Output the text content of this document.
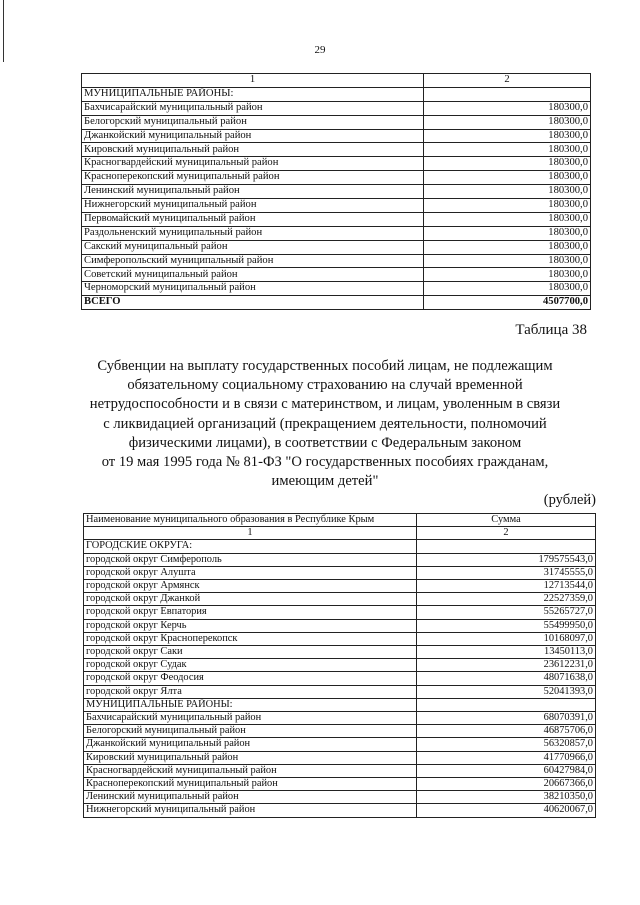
29
1	2
МУНИЦИПАЛЬНЫЕ РАЙОНЫ:	
Бахчисарайский муниципальный район	180300,0
Белогорский муниципальный район	180300,0
Джанкойский муниципальный район	180300,0
Кировский муниципальный район	180300,0
Красногвардейский муниципальный район	180300,0
Красноперекопский муниципальный район	180300,0
Ленинский муниципальный район	180300,0
Нижнегорский муниципальный район	180300,0
Первомайский муниципальный район	180300,0
Раздольненский муниципальный район	180300,0
Сакский муниципальный район	180300,0
Симферопольский муниципальный район	180300,0
Советский муниципальный район	180300,0
Черноморский муниципальный район	180300,0
ВСЕГО	4507700,0
Таблица 38
Субвенции на выплату государственных пособий лицам, не подлежащим
обязательному социальному страхованию на случай временной
нетрудоспособности и в связи с материнством, и лицам, уволенным в связи
с ликвидацией организаций (прекращением деятельности, полномочий
физическими лицами), в соответствии с Федеральным законом
от 19 мая 1995 года № 81-ФЗ "О государственных пособиях гражданам,
имеющим детей"
(рублей)
Наименование муниципального образования в Республике Крым	Сумма
1	2
ГОРОДСКИЕ ОКРУГА:	
городской округ Симферополь	179575543,0
городской округ Алушта	31745555,0
городской округ Армянск	12713544,0
городской округ Джанкой	22527359,0
городской округ Евпатория	55265727,0
городской округ Керчь	55499950,0
городской округ Красноперекопск	10168097,0
городской округ Саки	13450113,0
городской округ Судак	23612231,0
городской округ Феодосия	48071638,0
городской округ Ялта	52041393,0
МУНИЦИПАЛЬНЫЕ РАЙОНЫ:	
Бахчисарайский муниципальный район	68070391,0
Белогорский муниципальный район	46875706,0
Джанкойский муниципальный район	56320857,0
Кировский муниципальный район	41770966,0
Красногвардейский муниципальный район	60427984,0
Красноперекопский муниципальный район	20667366,0
Ленинский муниципальный район	38210350,0
Нижнегорский муниципальный район	40620067,0
